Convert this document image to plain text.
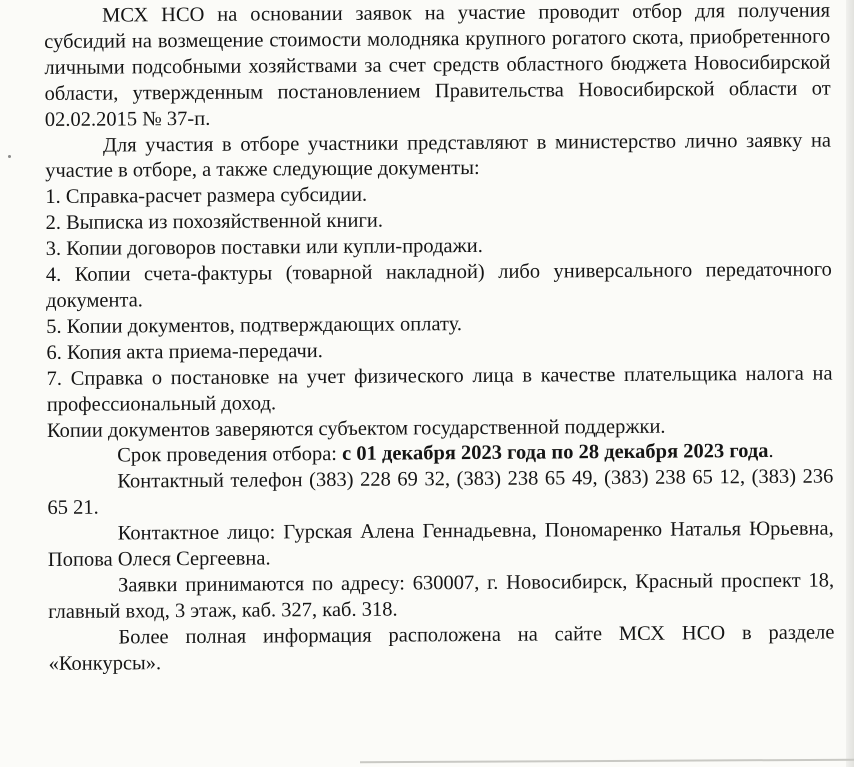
МСХ НСО на основании заявок на участие проводит отбор для получения субсидий на возмещение стоимости молодняка крупного рогатого скота, приобретенного личными подсобными хозяйствами за счет средств областного бюджета Новосибирской области, утвержденным постановлением Правительства Новосибирской области от 02.02.2015 № 37-п.

Для участия в отборе участники представляют в министерство лично заявку на участие в отборе, а также следующие документы:

1. Справка-расчет размера субсидии.

2. Выписка из похозяйственной книги.

3. Копии договоров поставки или купли-продажи.

4. Копии счета-фактуры (товарной накладной) либо универсального передаточного документа.

5. Копии документов, подтверждающих оплату.

6. Копия акта приема-передачи.

7. Справка о постановке на учет физического лица в качестве плательщика налога на профессиональный доход.

Копии документов заверяются субъектом государственной поддержки.

Срок проведения отбора: с 01 декабря 2023 года по 28 декабря 2023 года.

Контактный телефон (383) 228 69 32, (383) 238 65 49, (383) 238 65 12, (383) 236 65 21.

Контактное лицо: Гурская Алена Геннадьевна, Пономаренко Наталья Юрьевна, Попова Олеся Сергеевна.

Заявки принимаются по адресу: 630007, г. Новосибирск, Красный проспект 18, главный вход, 3 этаж, каб. 327, каб. 318.

Более полная информация расположена на сайте МСХ НСО в разделе «Конкурсы».
